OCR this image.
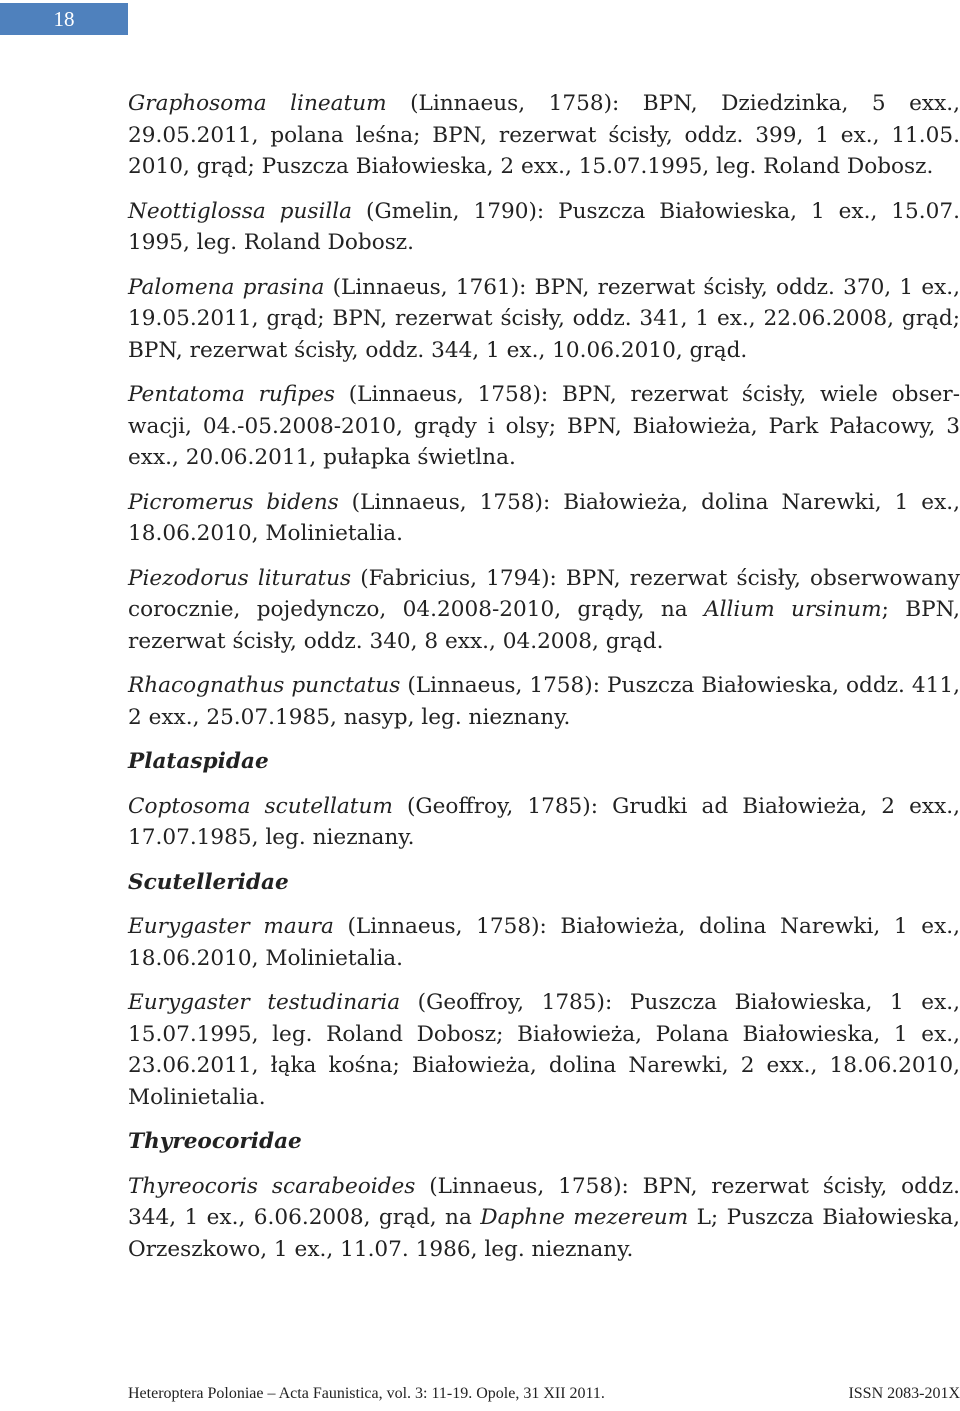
18

Graphosoma lineatum (Linnaeus, 1758): BPN, Dziedzinka, 5 exx., 29.05.2011, polana leśna; BPN, rezerwat ścisły, oddz. 399, 1 ex., 11.05. 2010, grąd; Puszcza Białowieska, 2 exx., 15.07.1995, leg. Roland Dobosz.

Neottiglossa pusilla (Gmelin, 1790): Puszcza Białowieska, 1 ex., 15.07. 1995, leg. Roland Dobosz.

Palomena prasina (Linnaeus, 1761): BPN, rezerwat ścisły, oddz. 370, 1 ex., 19.05.2011, grąd; BPN, rezerwat ścisły, oddz. 341, 1 ex., 22.06.2008, grąd; BPN, rezerwat ścisły, oddz. 344, 1 ex., 10.06.2010, grąd.

Pentatoma rufipes (Linnaeus, 1758): BPN, rezerwat ścisły, wiele obserwacji, 04.-05.2008-2010, grądy i olsy; BPN, Białowieża, Park Pałacowy, 3 exx., 20.06.2011, pułapka świetlna.

Picromerus bidens (Linnaeus, 1758): Białowieża, dolina Narewki, 1 ex., 18.06.2010, Molinietalia.

Piezodorus lituratus (Fabricius, 1794): BPN, rezerwat ścisły, obserwowany corocznie, pojedynczo, 04.2008-2010, grądy, na Allium ursinum; BPN, rezerwat ścisły, oddz. 340, 8 exx., 04.2008, grąd.

Rhacognathus punctatus (Linnaeus, 1758): Puszcza Białowieska, oddz. 411, 2 exx., 25.07.1985, nasyp, leg. nieznany.

Plataspidae

Coptosoma scutellatum (Geoffroy, 1785): Grudki ad Białowieża, 2 exx., 17.07.1985, leg. nieznany.

Scutelleridae

Eurygaster maura (Linnaeus, 1758): Białowieża, dolina Narewki, 1 ex., 18.06.2010, Molinietalia.

Eurygaster testudinaria (Geoffroy, 1785): Puszcza Białowieska, 1 ex., 15.07.1995, leg. Roland Dobosz; Białowieża, Polana Białowieska, 1 ex., 23.06.2011, łąka kośna; Białowieża, dolina Narewki, 2 exx., 18.06.2010, Molinietalia.

Thyreocoridae

Thyreocoris scarabeoides (Linnaeus, 1758): BPN, rezerwat ścisły, oddz. 344, 1 ex., 6.06.2008, grąd, na Daphne mezereum L; Puszcza Białowieska, Orzeszkowo, 1 ex., 11.07. 1986, leg. nieznany.

Heteroptera Poloniae – Acta Faunistica, vol. 3: 11-19. Opole, 31 XII 2011.	ISSN 2083-201X
